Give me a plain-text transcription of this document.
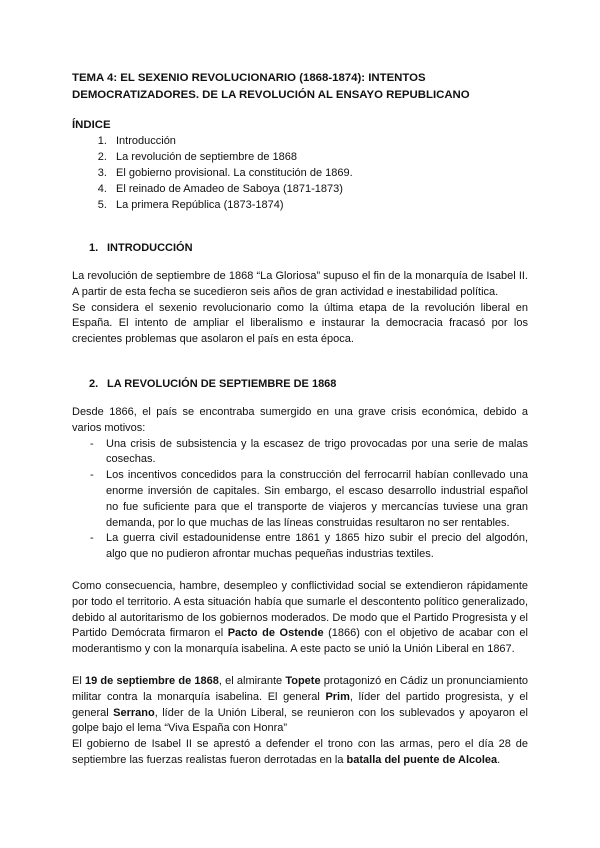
TEMA 4: EL SEXENIO REVOLUCIONARIO (1868-1874): INTENTOS DEMOCRATIZADORES. DE LA REVOLUCIÓN AL ENSAYO REPUBLICANO
ÍNDICE
1. Introducción
2. La revolución de septiembre de 1868
3. El gobierno provisional. La constitución de 1869.
4. El reinado de Amadeo de Saboya (1871-1873)
5. La primera República (1873-1874)
1. INTRODUCCIÓN

La revolución de septiembre de 1868 “La Gloriosa” supuso el fin de la monarquía de Isabel II. A partir de esta fecha se sucedieron seis años de gran actividad e inestabilidad política.

Se considera el sexenio revolucionario como la última etapa de la revolución liberal en España. El intento de ampliar el liberalismo e instaurar la democracia fracasó por los crecientes problemas que asolaron el país en esta época.

2. LA REVOLUCIÓN DE SEPTIEMBRE DE 1868

Desde 1866, el país se encontraba sumergido en una grave crisis económica, debido a varios motivos:

- Una crisis de subsistencia y la escasez de trigo provocadas por una serie de malas cosechas.
- Los incentivos concedidos para la construcción del ferrocarril habían conllevado una enorme inversión de capitales. Sin embargo, el escaso desarrollo industrial español no fue suficiente para que el transporte de viajeros y mercancías tuviese una gran demanda, por lo que muchas de las líneas construidas resultaron no ser rentables.
- La guerra civil estadounidense entre 1861 y 1865 hizo subir el precio del algodón, algo que no pudieron afrontar muchas pequeñas industrias textiles.

Como consecuencia, hambre, desempleo y conflictividad social se extendieron rápidamente por todo el territorio. A esta situación había que sumarle el descontento político generalizado, debido al autoritarismo de los gobiernos moderados. De modo que el Partido Progresista y el Partido Demócrata firmaron el Pacto de Ostende (1866) con el objetivo de acabar con el moderantismo y con la monarquía isabelina. A este pacto se unió la Unión Liberal en 1867.

El 19 de septiembre de 1868, el almirante Topete protagonizó en Cádiz un pronunciamiento militar contra la monarquía isabelina. El general Prim, líder del partido progresista, y el general Serrano, líder de la Unión Liberal, se reunieron con los sublevados y apoyaron el golpe bajo el lema “Viva España con Honra”

El gobierno de Isabel II se aprestó a defender el trono con las armas, pero el día 28 de septiembre las fuerzas realistas fueron derrotadas en la batalla del puente de Alcolea.
